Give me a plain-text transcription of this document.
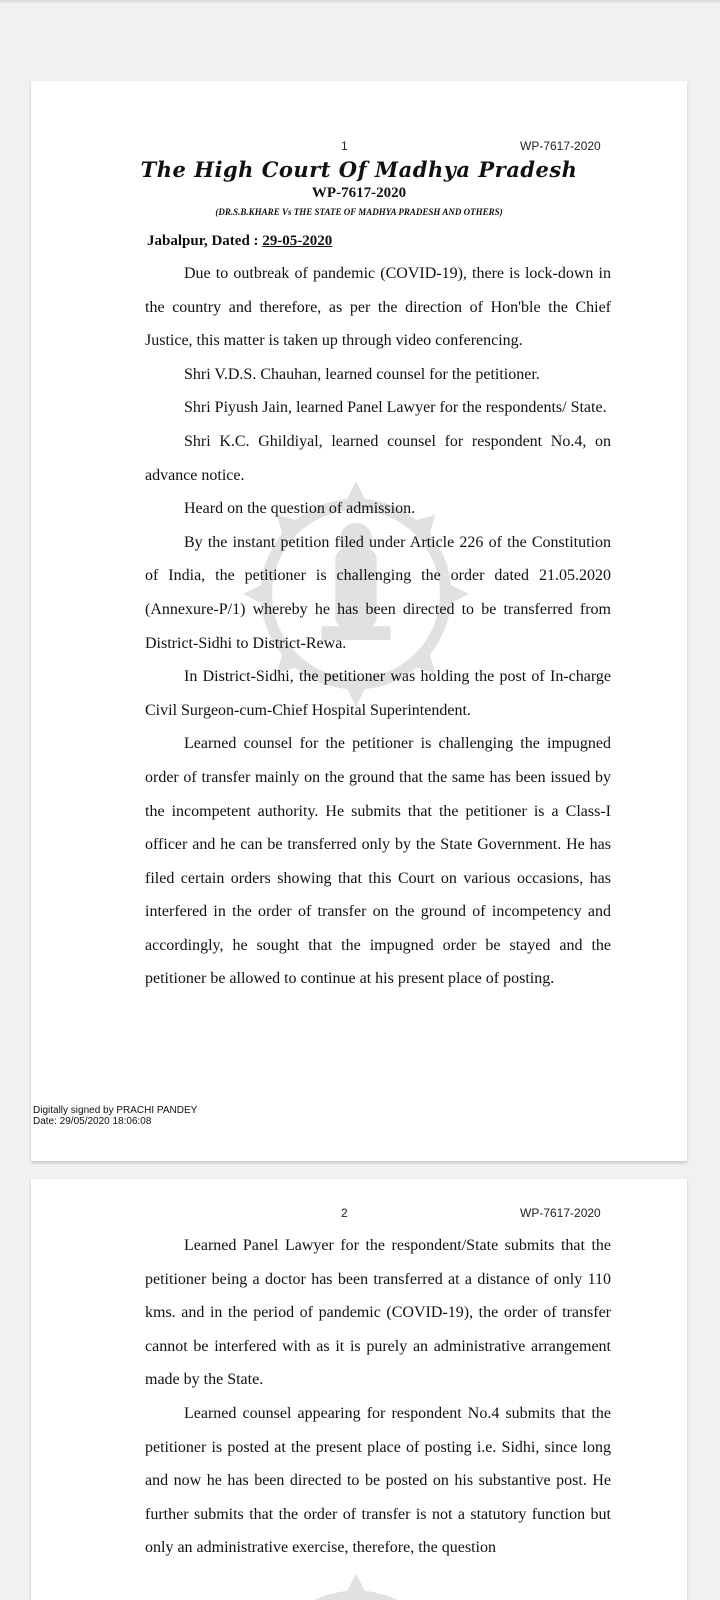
1	WP-7617-2020
The High Court Of Madhya Pradesh
WP-7617-2020
(DR.S.B.KHARE Vs THE STATE OF MADHYA PRADESH AND OTHERS)
Jabalpur, Dated : 29-05-2020

Due to outbreak of pandemic (COVID-19), there is lock-down in the country and therefore, as per the direction of Hon'ble the Chief Justice, this matter is taken up through video conferencing.

Shri V.D.S. Chauhan, learned counsel for the petitioner.

Shri Piyush Jain, learned Panel Lawyer for the respondents/ State.

Shri K.C. Ghildiyal, learned counsel for respondent No.4, on advance notice.

Heard on the question of admission.

By the instant petition filed under Article 226 of the Constitution of India, the petitioner is challenging the order dated 21.05.2020 (Annexure-P/1) whereby he has been directed to be transferred from District-Sidhi to District-Rewa.

In District-Sidhi, the petitioner was holding the post of In-charge Civil Surgeon-cum-Chief Hospital Superintendent.

Learned counsel for the petitioner is challenging the impugned order of transfer mainly on the ground that the same has been issued by the incompetent authority. He submits that the petitioner is a Class-I officer and he can be transferred only by the State Government. He has filed certain orders showing that this Court on various occasions, has interfered in the order of transfer on the ground of incompetency and accordingly, he sought that the impugned order be stayed and the petitioner be allowed to continue at his present place of posting.

Digitally signed by PRACHI PANDEY
Date: 29/05/2020 18:06:08
2	WP-7617-2020

Learned Panel Lawyer for the respondent/State submits that the petitioner being a doctor has been transferred at a distance of only 110 kms. and in the period of pandemic (COVID-19), the order of transfer cannot be interfered with as it is purely an administrative arrangement made by the State.

Learned counsel appearing for respondent No.4 submits that the petitioner is posted at the present place of posting i.e. Sidhi, since long and now he has been directed to be posted on his substantive post. He further submits that the order of transfer is not a statutory function but only an administrative exercise, therefore, the question
